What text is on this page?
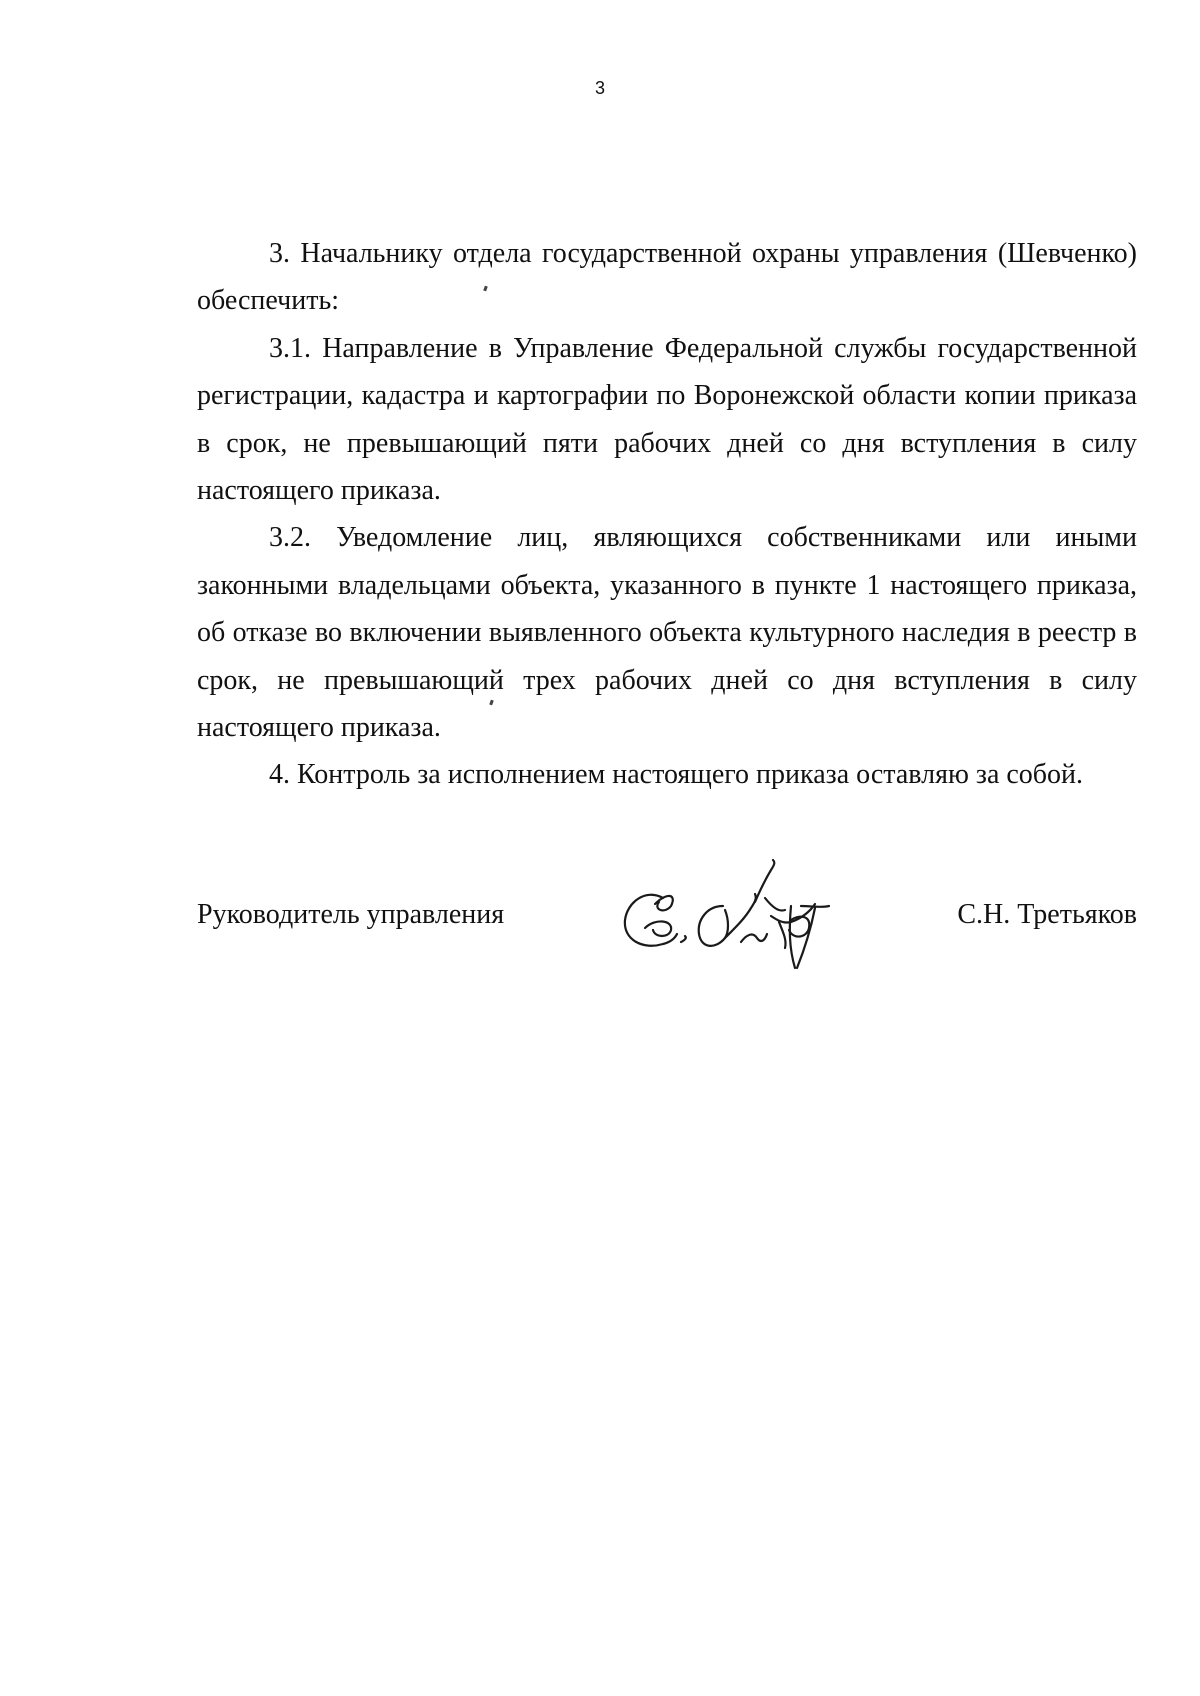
3

3. Начальнику отдела государственной охраны управления (Шевченко) обеспечить:

3.1. Направление в Управление Федеральной службы государственной регистрации, кадастра и картографии по Воронежской области копии приказа в срок, не превышающий пяти рабочих дней со дня вступления в силу настоящего приказа.

3.2. Уведомление лиц, являющихся собственниками или иными законными владельцами объекта, указанного в пункте 1 настоящего приказа, об отказе во включении выявленного объекта культурного наследия в реестр в срок, не превышающий трех рабочих дней со дня вступления в силу настоящего приказа.

4. Контроль за исполнением настоящего приказа оставляю за собой.

Руководитель управления	С.Н. Третьяков
